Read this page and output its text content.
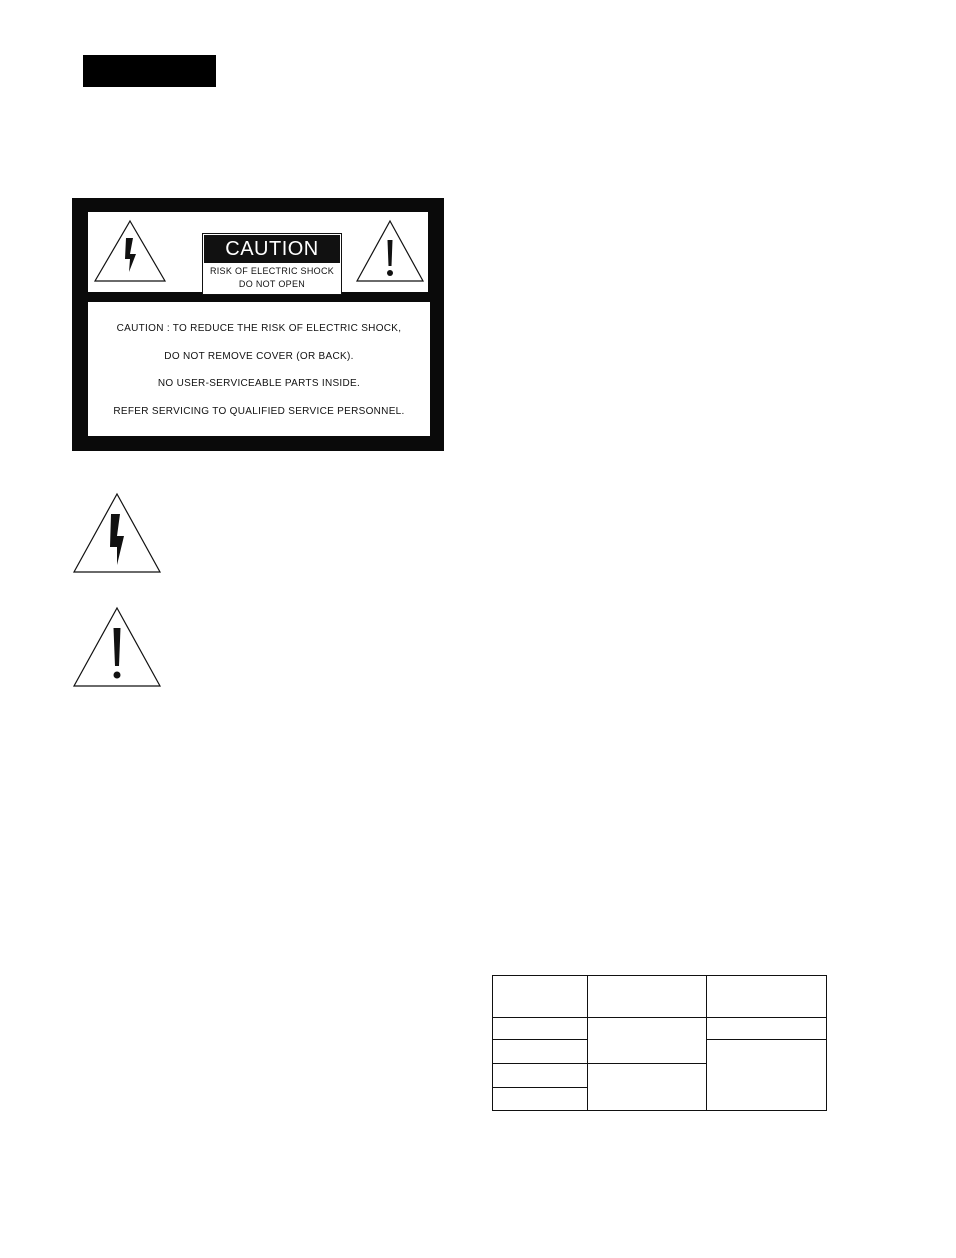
CAUTION
RISK OF ELECTRIC SHOCK
DO NOT OPEN
CAUTION : TO REDUCE THE RISK OF ELECTRIC SHOCK,
DO NOT REMOVE COVER (OR BACK).
NO USER-SERVICEABLE PARTS INSIDE.
REFER SERVICING TO QUALIFIED SERVICE PERSONNEL.
